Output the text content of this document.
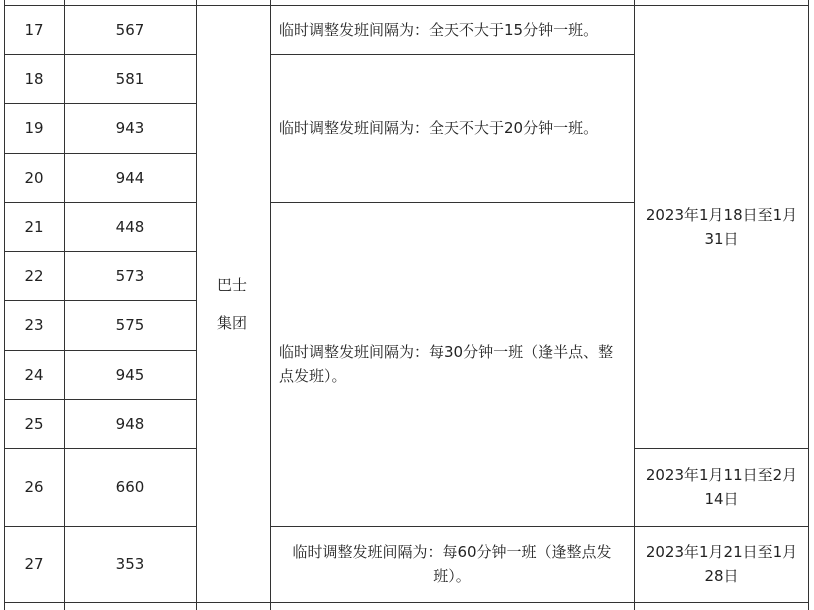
17
18
19
20
21
22
23
24
25
26
27
567
581
943
944
448
573
575
945
948
660
353
巴士
集团
临时调整发班间隔为：全天不大于15分钟一班。
临时调整发班间隔为：全天不大于20分钟一班。
临时调整发班间隔为：每30分钟一班（逢半点、整点发班）。
临时调整发班间隔为：每60分钟一班（逢整点发班）。
2023年1月18日至1月31日
2023年1月11日至2月14日
2023年1月21日至1月28日
